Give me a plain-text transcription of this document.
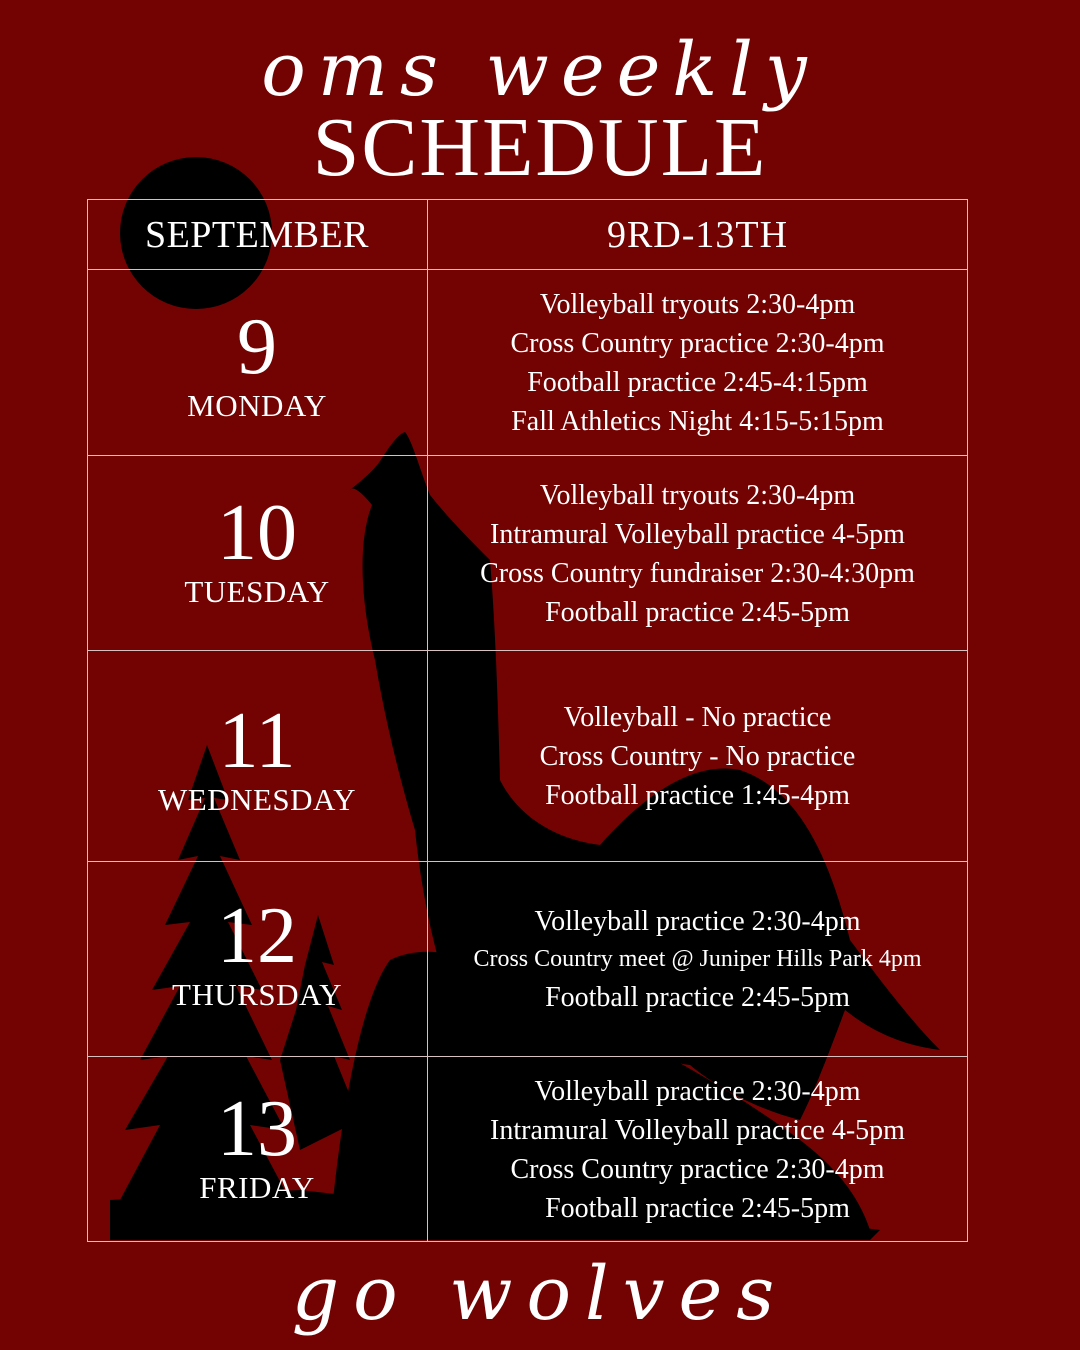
oms weekly
SCHEDULE
SEPTEMBER	9RD-13TH
9
MONDAY
Volleyball tryouts 2:30-4pm
Cross Country practice 2:30-4pm
Football practice 2:45-4:15pm
Fall Athletics Night 4:15-5:15pm
10
TUESDAY
Volleyball tryouts 2:30-4pm
Intramural Volleyball practice 4-5pm
Cross Country fundraiser 2:30-4:30pm
Football practice 2:45-5pm
11
WEDNESDAY
Volleyball - No practice
Cross Country - No practice
Football practice 1:45-4pm
12
THURSDAY
Volleyball practice 2:30-4pm
Cross Country meet @ Juniper Hills Park 4pm
Football practice 2:45-5pm
13
FRIDAY
Volleyball practice 2:30-4pm
Intramural Volleyball practice 4-5pm
Cross Country practice 2:30-4pm
Football practice 2:45-5pm
go wolves
